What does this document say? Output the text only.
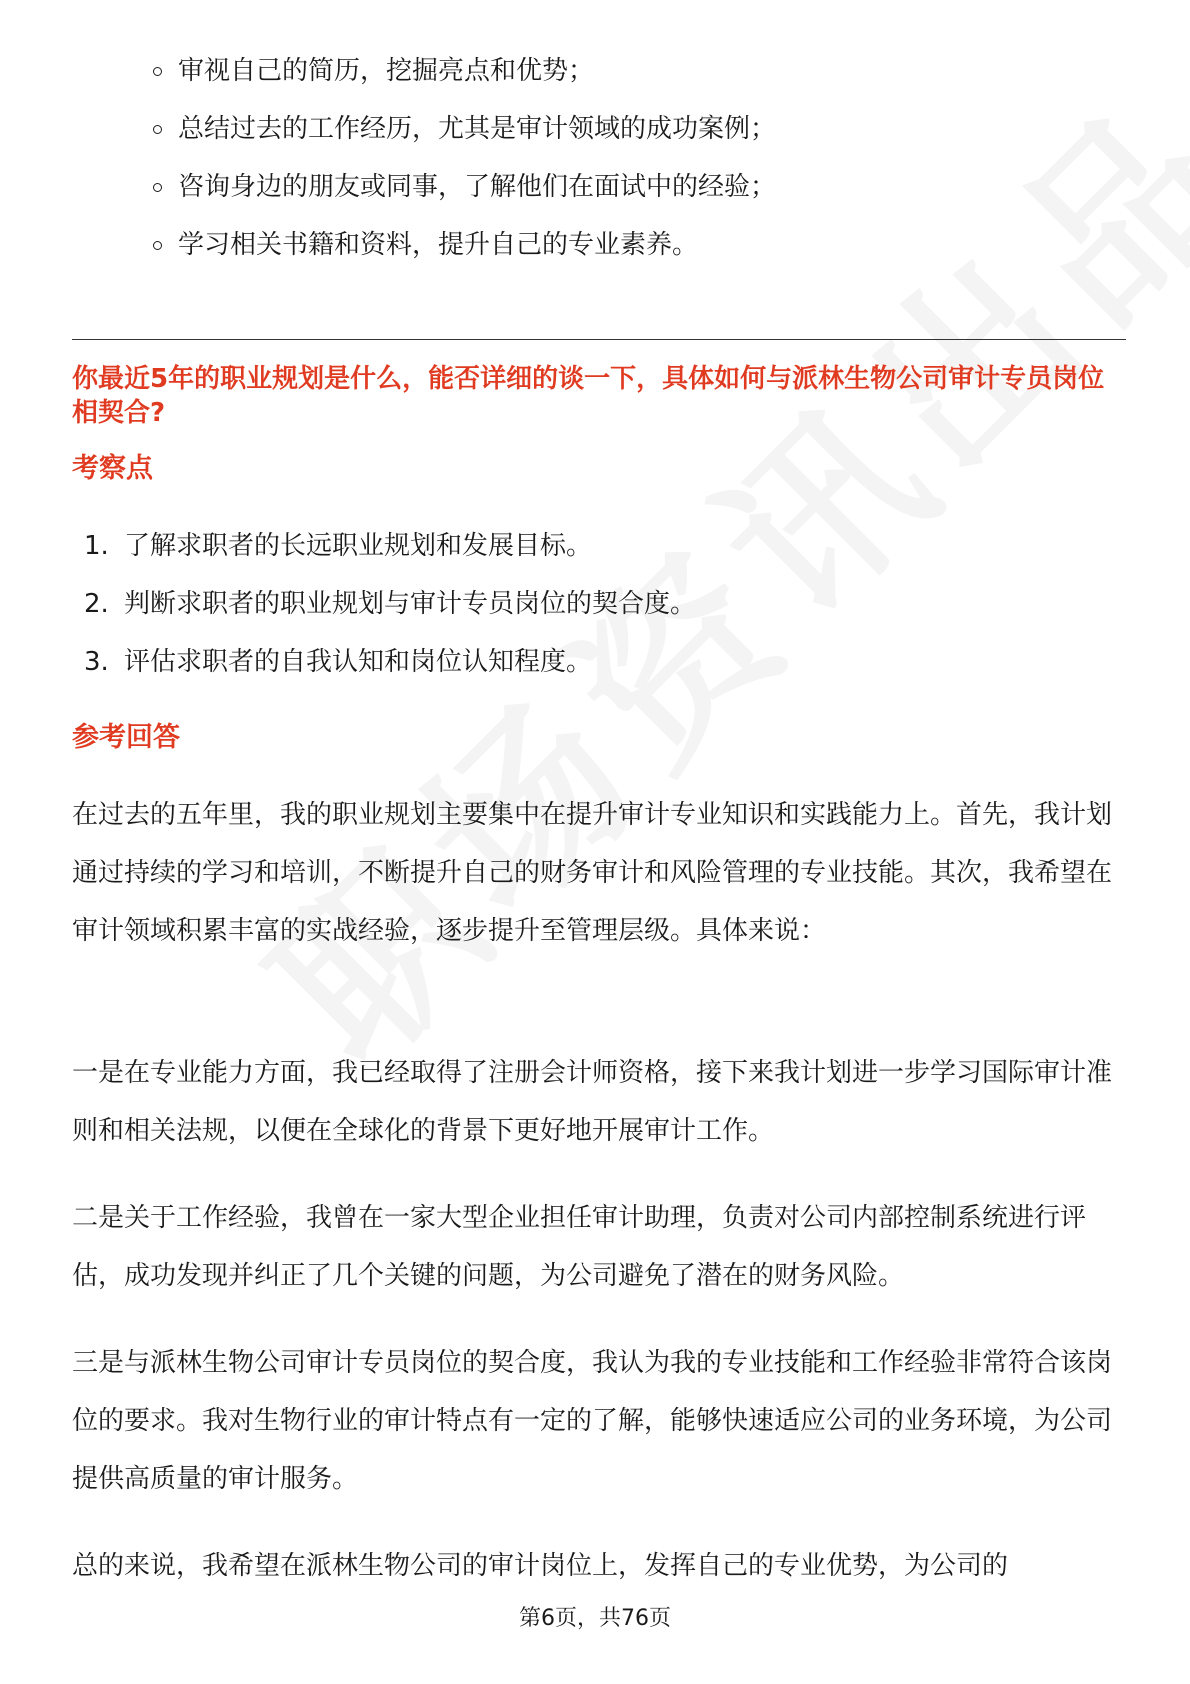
审视自己的简历，挖掘亮点和优势；
总结过去的工作经历，尤其是审计领域的成功案例；
咨询身边的朋友或同事，了解他们在面试中的经验；
学习相关书籍和资料，提升自己的专业素养。
你最近5年的职业规划是什么，能否详细的谈一下，具体如何与派林生物公司审计专员岗位相契合?
考察点
1. 了解求职者的长远职业规划和发展目标。
2. 判断求职者的职业规划与审计专员岗位的契合度。
3. 评估求职者的自我认知和岗位认知程度。
参考回答

在过去的五年里，我的职业规划主要集中在提升审计专业知识和实践能力上。首先，我计划通过持续的学习和培训，不断提升自己的财务审计和风险管理的专业技能。其次，我希望在审计领域积累丰富的实战经验，逐步提升至管理层级。具体来说：

一是在专业能力方面，我已经取得了注册会计师资格，接下来我计划进一步学习国际审计准则和相关法规，以便在全球化的背景下更好地开展审计工作。

二是关于工作经验，我曾在一家大型企业担任审计助理，负责对公司内部控制系统进行评估，成功发现并纠正了几个关键的问题，为公司避免了潜在的财务风险。

三是与派林生物公司审计专员岗位的契合度，我认为我的专业技能和工作经验非常符合该岗位的要求。我对生物行业的审计特点有一定的了解，能够快速适应公司的业务环境，为公司提供高质量的审计服务。

总的来说，我希望在派林生物公司的审计岗位上，发挥自己的专业优势，为公司的

第6页，共76页
